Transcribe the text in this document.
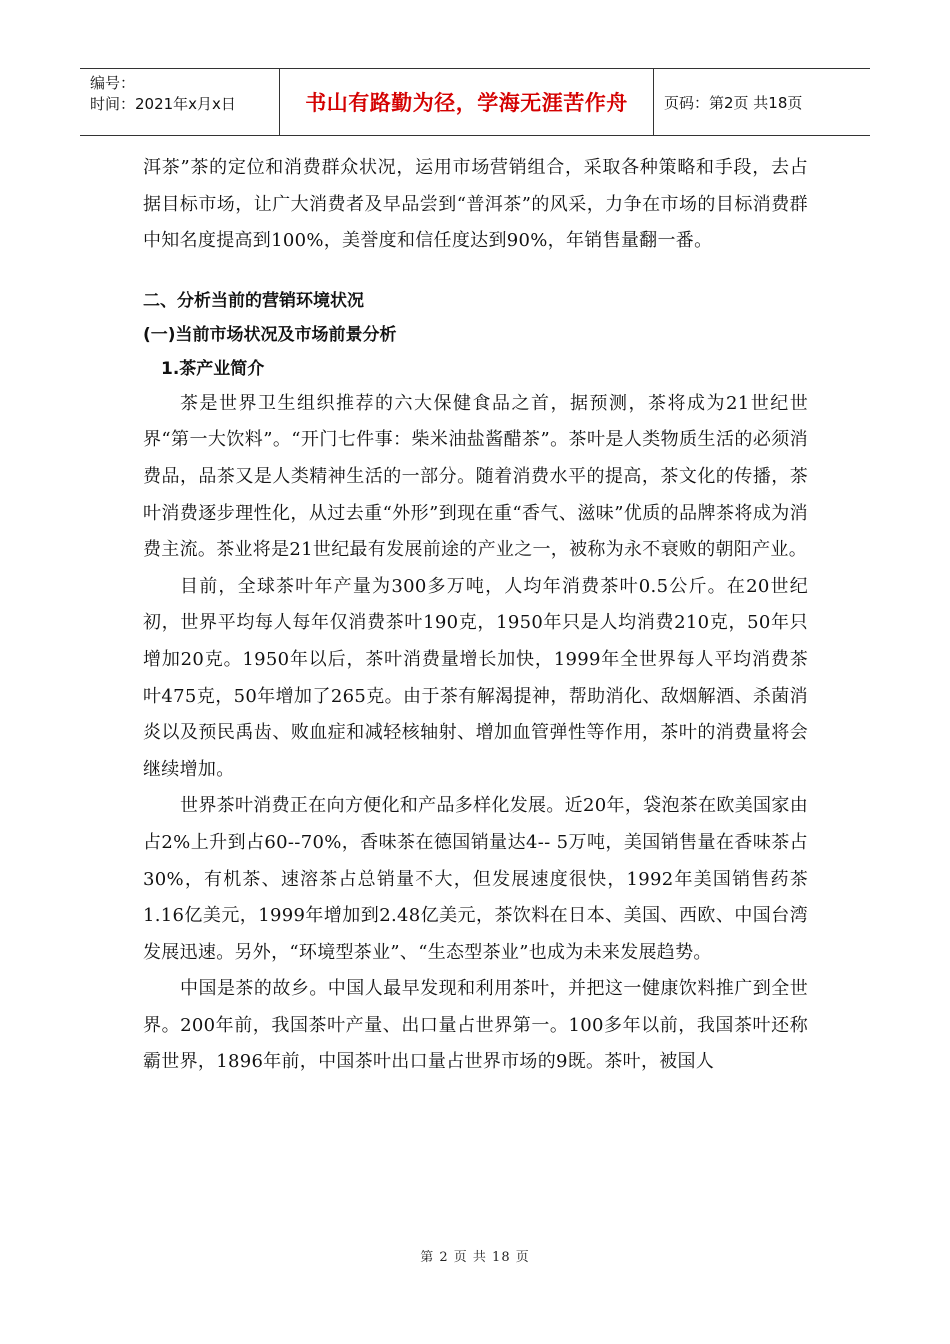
编号：
时间：2021年x月x日	书山有路勤为径，学海无涯苦作舟	页码：第2页 共18页

洱茶”茶的定位和消费群众状况，运用市场营销组合，采取各种策略和手段，去占据目标市场，让广大消费者及早品尝到“普洱茶”的风采，力争在市场的目标消费群中知名度提高到100%，美誉度和信任度达到90%，年销售量翻一番。

二、分析当前的营销环境状况

(一)当前市场状况及市场前景分析

1.茶产业简介

茶是世界卫生组织推荐的六大保健食品之首，据预测，茶将成为21世纪世界“第一大饮料”。“开门七件事：柴米油盐酱醋茶”。茶叶是人类物质生活的必须消费品，品茶又是人类精神生活的一部分。随着消费水平的提高，茶文化的传播，茶叶消费逐步理性化，从过去重“外形”到现在重“香气、滋味”优质的品牌茶将成为消费主流。茶业将是21世纪最有发展前途的产业之一，被称为永不衰败的朝阳产业。

目前，全球茶叶年产量为300多万吨，人均年消费茶叶0.5公斤。在20世纪初，世界平均每人每年仅消费茶叶190克，1950年只是人均消费210克，50年只增加20克。1950年以后，茶叶消费量增长加快，1999年全世界每人平均消费茶叶475克，50年增加了265克。由于茶有解渴提神，帮助消化、敌烟解酒、杀菌消炎以及预民禹齿、败血症和减轻核轴射、增加血管弹性等作用，茶叶的消费量将会继续增加。

世界茶叶消费正在向方便化和产品多样化发展。近20年，袋泡茶在欧美国家由占2%上升到占60--70%，香味茶在德国销量达4-- 5万吨，美国销售量在香味茶占30%，有机茶、速溶茶占总销量不大，但发展速度很快，1992年美国销售药茶1.16亿美元，1999年增加到2.48亿美元，茶饮料在日本、美国、西欧、中国台湾发展迅速。另外，“环境型茶业”、“生态型茶业”也成为未来发展趋势。

中国是茶的故乡。中国人最早发现和利用茶叶，并把这一健康饮料推广到全世界。200年前，我国茶叶产量、出口量占世界第一。100多年以前，我国茶叶还称霸世界，1896年前，中国茶叶出口量占世界市场的9既。茶叶，被国人

第 2 页 共 18 页
